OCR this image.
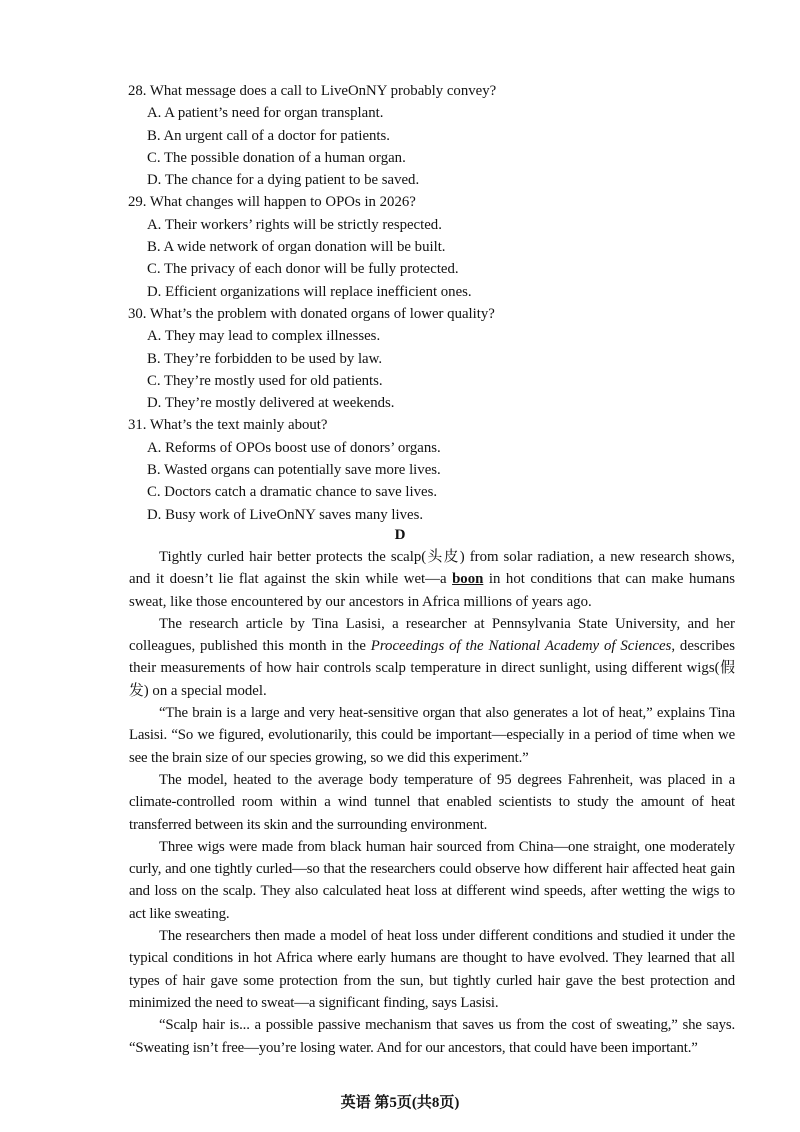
28. What message does a call to LiveOnNY probably convey?
A. A patient’s need for organ transplant.
B. An urgent call of a doctor for patients.
C. The possible donation of a human organ.
D. The chance for a dying patient to be saved.
29. What changes will happen to OPOs in 2026?
A. Their workers’ rights will be strictly respected.
B. A wide network of organ donation will be built.
C. The privacy of each donor will be fully protected.
D. Efficient organizations will replace inefficient ones.
30. What’s the problem with donated organs of lower quality?
A. They may lead to complex illnesses.
B. They’re forbidden to be used by law.
C. They’re mostly used for old patients.
D. They’re mostly delivered at weekends.
31. What’s the text mainly about?
A. Reforms of OPOs boost use of donors’ organs.
B. Wasted organs can potentially save more lives.
C. Doctors catch a dramatic chance to save lives.
D. Busy work of LiveOnNY saves many lives.
D

Tightly curled hair better protects the scalp(头皮) from solar radiation, a new research shows, and it doesn’t lie flat against the skin while wet—a boon in hot conditions that can make humans sweat, like those encountered by our ancestors in Africa millions of years ago.

The research article by Tina Lasisi, a researcher at Pennsylvania State University, and her colleagues, published this month in the Proceedings of the National Academy of Sciences, describes their measurements of how hair controls scalp temperature in direct sunlight, using different wigs(假发) on a special model.

“The brain is a large and very heat-sensitive organ that also generates a lot of heat,” explains Tina Lasisi. “So we figured, evolutionarily, this could be important—especially in a period of time when we see the brain size of our species growing, so we did this experiment.”

The model, heated to the average body temperature of 95 degrees Fahrenheit, was placed in a climate-controlled room within a wind tunnel that enabled scientists to study the amount of heat transferred between its skin and the surrounding environment.

Three wigs were made from black human hair sourced from China—one straight, one moderately curly, and one tightly curled—so that the researchers could observe how different hair affected heat gain and loss on the scalp. They also calculated heat loss at different wind speeds, after wetting the wigs to act like sweating.

The researchers then made a model of heat loss under different conditions and studied it under the typical conditions in hot Africa where early humans are thought to have evolved. They learned that all types of hair gave some protection from the sun, but tightly curled hair gave the best protection and minimized the need to sweat—a significant finding, says Lasisi.

“Scalp hair is... a possible passive mechanism that saves us from the cost of sweating,” she says. “Sweating isn’t free—you’re losing water. And for our ancestors, that could have been important.”

英语 第5页(共8页)
